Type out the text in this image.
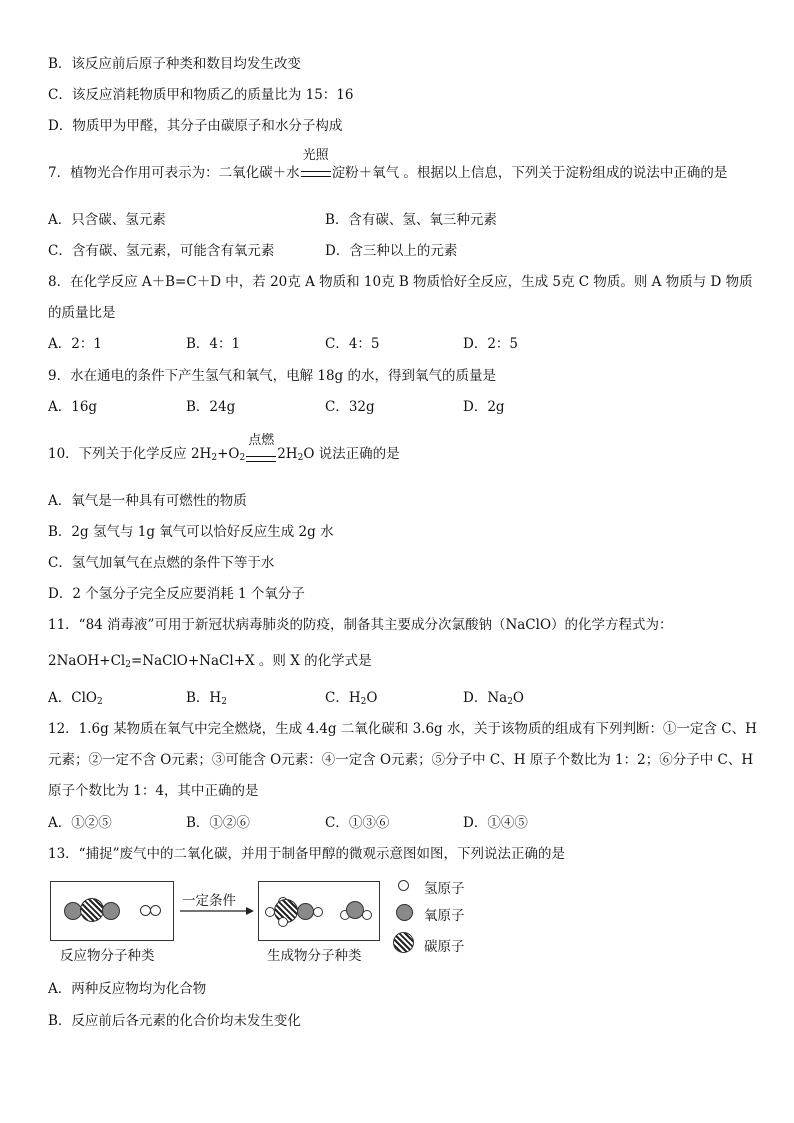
B．该反应前后原子种类和数目均发生改变
C．该反应消耗物质甲和物质乙的质量比为 15：16
D．物质甲为甲醛，其分子由碳原子和水分子构成
7．植物光合作用可表示为：二氧化碳＋水
光照
淀粉＋氧气 。根据以上信息，下列关于淀粉组成的说法中正确的是
A．只含碳、氢元素	B．含有碳、氢、氧三种元素
C．含有碳、氢元素，可能含有氧元素	D．含三种以上的元素
8．在化学反应 A＋B=C＋D 中，若 20克 A 物质和 10克 B 物质恰好全反应，生成 5克 C 物质。则 A 物质与 D 物质
的质量比是
A．2：1	B．4：1	C．4：5	D．2：5
9．水在通电的条件下产生氢气和氧气，电解 18g 的水，得到氧气的质量是
A．16g	B．24g	C．32g	D．2g
10．下列关于化学反应 $2H_2+O_2$
点燃
$2H_2O$ 说法正确的是
A．氧气是一种具有可燃性的物质
B．2g 氢气与 1g 氧气可以恰好反应生成 2g 水
C．氢气加氧气在点燃的条件下等于水
D．2 个氢分子完全反应要消耗 1 个氧分子
11．“84 消毒液”可用于新冠状病毒肺炎的防疫，制备其主要成分次氯酸钠（NaClO）的化学方程式为：
$2NaOH+Cl_2=NaClO+NaCl+X$ 。则 X 的化学式是
A．ClO$_2$	B．$H_2$	C．$H_2O$	D．$Na_2O$
12．1.6g 某物质在氧气中完全燃烧，生成 4.4g 二氧化碳和 3.6g 水，关于该物质的组成有下列判断：①一定含 C、H
元素；②一定不含 O元素；③可能含 O元素：④一定含 O元素；⑤分子中 C、H 原子个数比为 1：2；⑥分子中 C、H
原子个数比为 1：4，其中正确的是
A．①②⑤	B．①②⑥	C．①③⑥	D．①④⑤
13．“捕捉”废气中的二氧化碳，并用于制备甲醇的微观示意图如图，下列说法正确的是
反应物分子种类
一定条件
生成物分子种类
氢原子
氧原子
碳原子
A．两种反应物均为化合物
B．反应前后各元素的化合价均未发生变化
